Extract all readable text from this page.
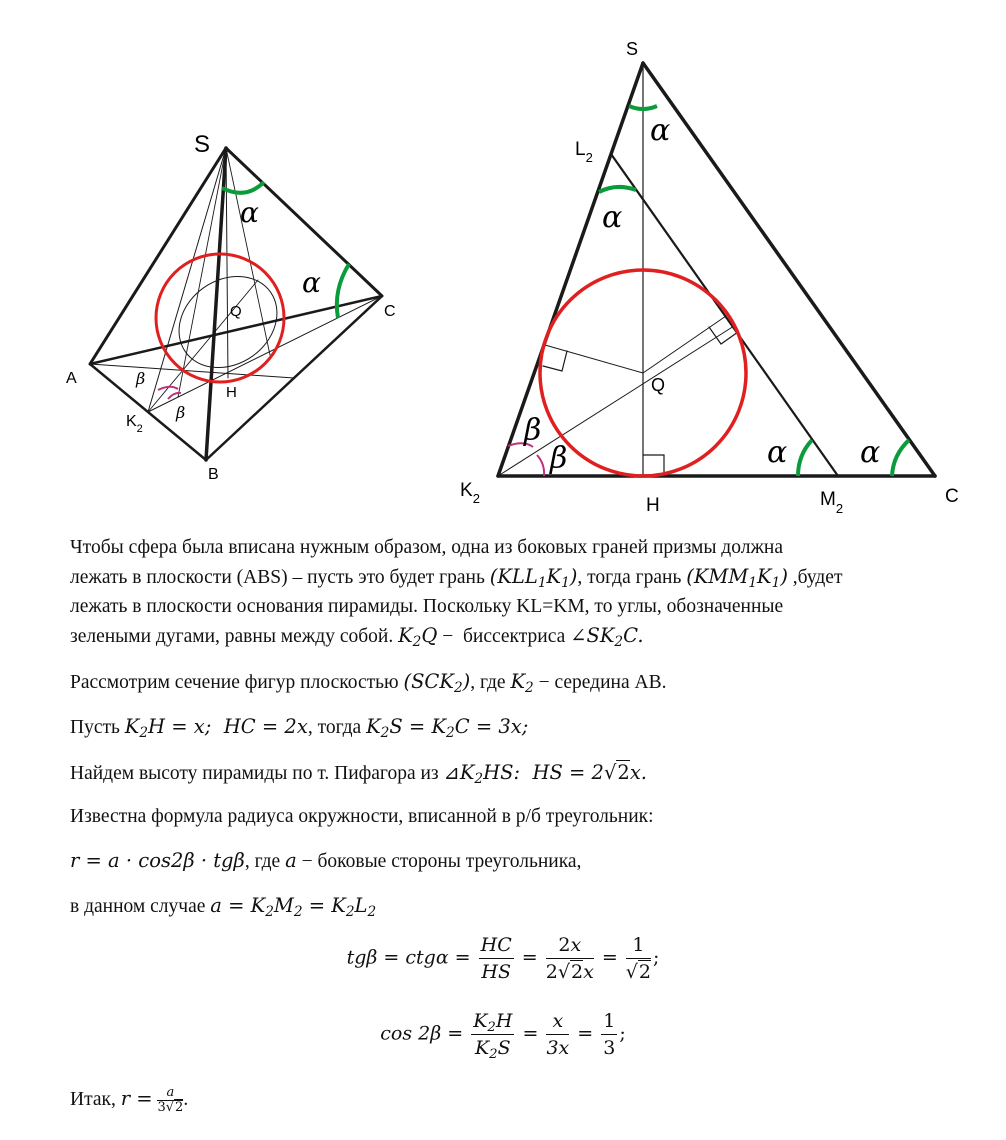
S
C
A
B
Q
H
$K_2$
α
α
β
β
S
$L_2$
Q
$K_2$	H	$M_2$
C
α
α
α α
β
β
Чтобы сфера была вписана нужным образом, одна из боковых граней призмы должна
лежать в плоскости (ABS) – пусть это будет грань $(KLL_1K_1)$, тогда грань $(KMM_1K_1)$ ,будет
лежать в плоскости основания пирамиды. Поскольку KL=KM, то углы, обозначенные
зелеными дугами, равны между собой. $K_2Q$ − биссектриса $\angle SK_2C$.
Рассмотрим сечение фигур плоскостью $(SCK_2)$, где $K_2$ − середина AB.
Пусть $K_2H = x$;  HC = 2x, тогда $K_2S = K_2C = 3x$;
Найдем высоту пирамиды по т. Пифагора из $⊿K_2HS$:  HS = 2√2x.
Известна формула радиуса окружности, вписанной в р/б треугольник:
r = a · cos2β · tgβ, где a − боковые стороны треугольника,
в данном случае $a = K_2M_2 = K_2L_2$
$tg\beta = ctg\alpha = \frac{HC}{HS} = \frac{2x}{2√2x} = \frac{1}{√2}$ ;
$\cos 2\beta = \frac{K_2H}{K_2S} = \frac{x}{3x} = \frac{1}{3}$ ;
Итак, $r = \frac{a}{3√2}$ .
